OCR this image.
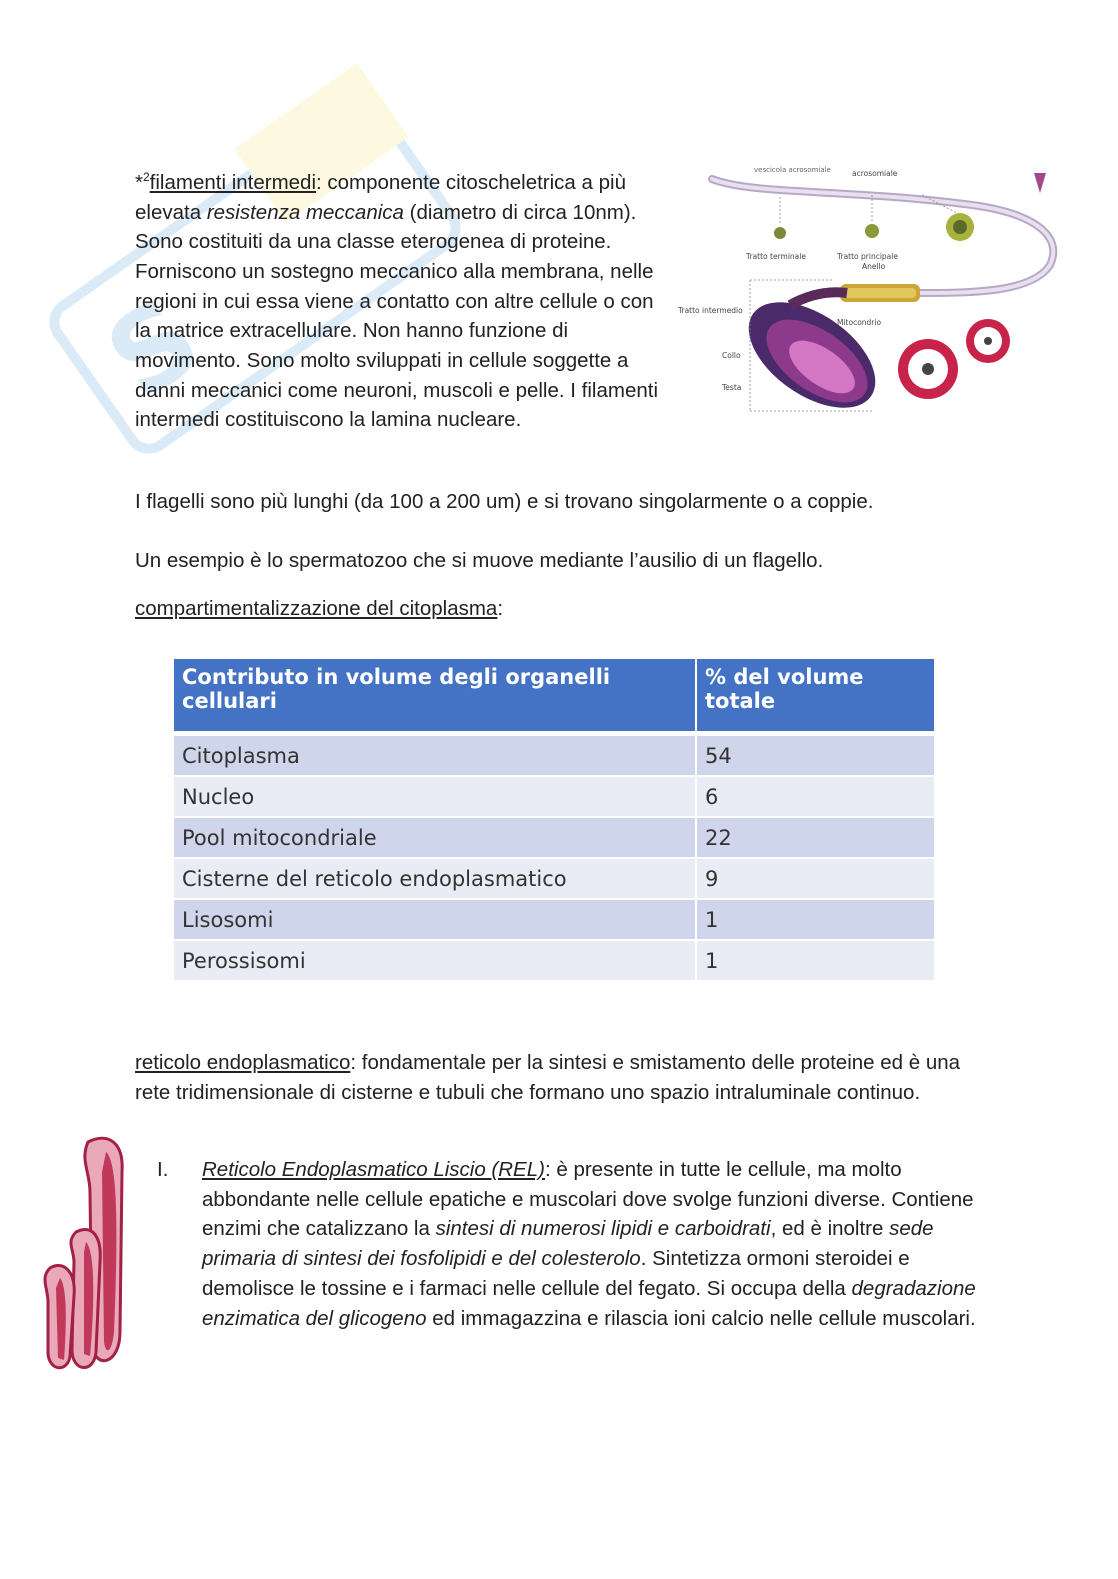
S
*$^2$filamenti intermedi: componente citoscheletrica a più elevata resistenza meccanica (diametro di circa 10nm). Sono costituiti da una classe eterogenea di proteine. Forniscono un sostegno meccanico alla membrana, nelle regioni in cui essa viene a contatto con altre cellule o con la matrice extracellulare. Non hanno funzione di movimento. Sono molto sviluppati in cellule soggette a danni meccanici come neuroni, muscoli e pelle. I filamenti intermedi costituiscono la lamina nucleare.
vescicola acrosomiale	acrosomiale
Tratto terminale	Tratto principale
Anello
Tratto intermedio
Mitocondrio
Collo
Testa
I flagelli sono più lunghi (da 100 a 200 um) e si trovano singolarmente o a coppie.
Un esempio è lo spermatozoo che si muove mediante l’ausilio di un flagello.
compartimentalizzazione del citoplasma:
Contributo in volume degli organelli cellulari	% del volume totale
Citoplasma	54
Nucleo	6
Pool mitocondriale	22
Cisterne del reticolo endoplasmatico	9
Lisosomi	1
Perossisomi	1
reticolo endoplasmatico: fondamentale per la sintesi e smistamento delle proteine ed è una rete tridimensionale di cisterne e tubuli che formano uno spazio intraluminale continuo.
I. Reticolo Endoplasmatico Liscio (REL): è presente in tutte le cellule, ma molto abbondante nelle cellule epatiche e muscolari dove svolge funzioni diverse. Contiene enzimi che catalizzano la sintesi di numerosi lipidi e carboidrati, ed è inoltre sede primaria di sintesi dei fosfolipidi e del colesterolo. Sintetizza ormoni steroidei e demolisce le tossine e i farmaci nelle cellule del fegato. Si occupa della degradazione enzimatica del glicogeno ed immagazzina e rilascia ioni calcio nelle cellule muscolari.
